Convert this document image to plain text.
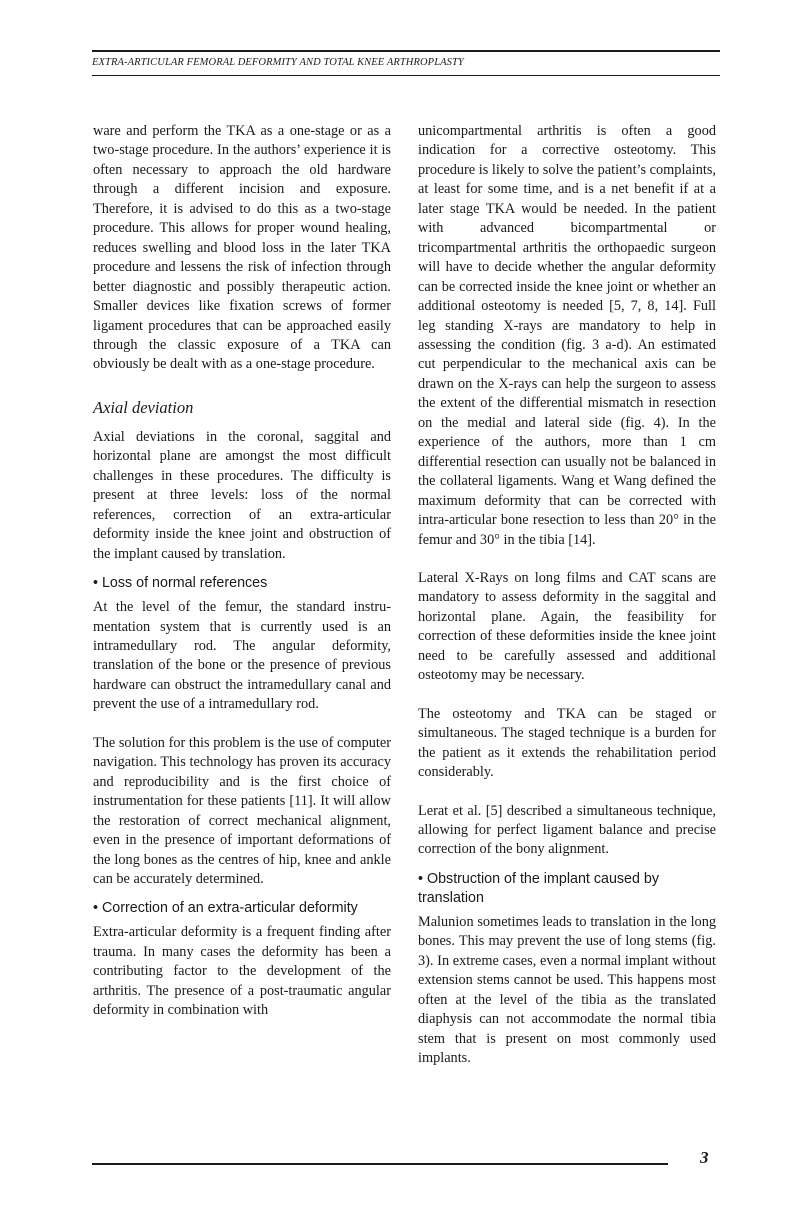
EXTRA-ARTICULAR FEMORAL DEFORMITY AND TOTAL KNEE ARTHROPLASTY

ware and perform the TKA as a one-stage or as a two-stage procedure. In the authors’ experience it is often necessary to approach the old hardware through a different incision and exposure. Therefore, it is advised to do this as a two-stage procedure. This allows for proper wound healing, reduces swelling and blood loss in the later TKA procedure and lessens the risk of infection through better diagnostic and possibly therapeutic action. Smaller devices like fixation screws of former ligament procedures that can be approached easily through the classic exposure of a TKA can obviously be dealt with as a one-stage procedure.

Axial deviation

Axial deviations in the coronal, saggital and horizontal plane are amongst the most difficult challenges in these procedures. The difficulty is present at three levels: loss of the normal references, correction of an extra-articular deformity inside the knee joint and obstruction of the implant caused by translation.

• Loss of normal references

At the level of the femur, the standard instrumentation system that is currently used is an intramedullary rod. The angular deformity, translation of the bone or the presence of previous hardware can obstruct the intramedullary canal and prevent the use of a intramedullary rod.

The solution for this problem is the use of computer navigation. This technology has proven its accuracy and reproducibility and is the first choice of instrumentation for these patients [11]. It will allow the restoration of correct mechanical alignment, even in the presence of important deformations of the long bones as the centres of hip, knee and ankle can be accurately determined.

• Correction of an extra-articular deformity

Extra-articular deformity is a frequent finding after trauma. In many cases the deformity has been a contributing factor to the development of the arthritis. The presence of a post-traumatic angular deformity in combination with

unicompartmental arthritis is often a good indication for a corrective osteotomy. This procedure is likely to solve the patient’s complaints, at least for some time, and is a net benefit if at a later stage TKA would be needed. In the patient with advanced bicompartmental or tricompartmental arthritis the orthopaedic surgeon will have to decide whether the angular deformity can be corrected inside the knee joint or whether an additional osteotomy is needed [5, 7, 8, 14]. Full leg standing X-rays are mandatory to help in assessing the condition (fig. 3 a-d). An estimated cut perpendicular to the mechanical axis can be drawn on the X-rays can help the surgeon to assess the extent of the differential mismatch in resection on the medial and lateral side (fig. 4). In the experience of the authors, more than 1 cm differential resection can usually not be balanced in the collateral ligaments. Wang et Wang defined the maximum deformity that can be corrected with intra-articular bone resection to less than 20° in the femur and 30° in the tibia [14].

Lateral X-Rays on long films and CAT scans are mandatory to assess deformity in the saggital and horizontal plane. Again, the feasibility for correction of these deformities inside the knee joint need to be carefully assessed and additional osteotomy may be necessary.

The osteotomy and TKA can be staged or simultaneous. The staged technique is a burden for the patient as it extends the rehabilitation period considerably.

Lerat et al. [5] described a simultaneous technique, allowing for perfect ligament balance and precise correction of the bony alignment.

• Obstruction of the implant caused by translation

Malunion sometimes leads to translation in the long bones. This may prevent the use of long stems (fig. 3). In extreme cases, even a normal implant without extension stems cannot be used. This happens most often at the level of the tibia as the translated diaphysis can not accommodate the normal tibia stem that is present on most commonly used implants.

3
